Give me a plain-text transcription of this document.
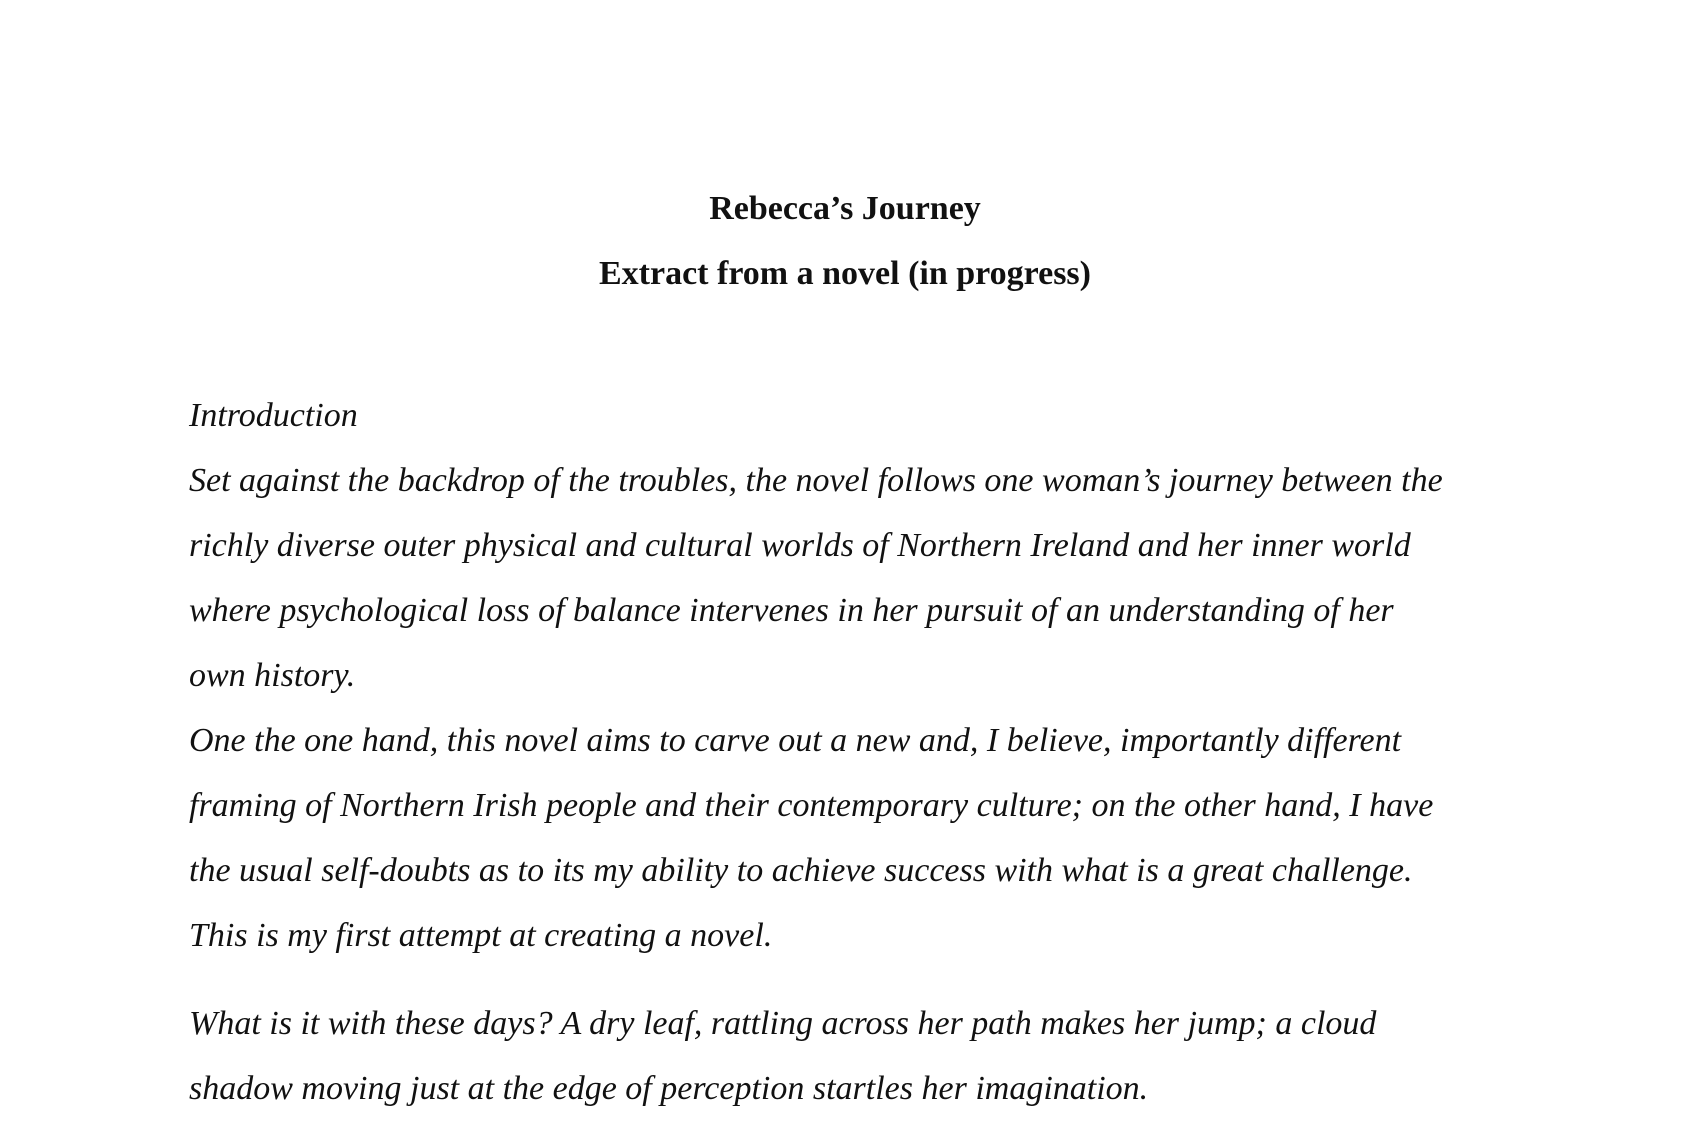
Rebecca’s Journey
Extract from a novel (in progress)
Introduction
Set against the backdrop of the troubles, the novel follows one woman’s journey between the
richly diverse outer physical and cultural worlds of Northern Ireland and her inner world
where psychological loss of balance intervenes in her pursuit of an understanding of her
own history.
One the one hand, this novel aims to carve out a new and, I believe, importantly different
framing of Northern Irish people and their contemporary culture; on the other hand, I have
the usual self-doubts as to its my ability to achieve success with what is a great challenge.
This is my first attempt at creating a novel.
What is it with these days? A dry leaf, rattling across her path makes her jump; a cloud
shadow moving just at the edge of perception startles her imagination.
